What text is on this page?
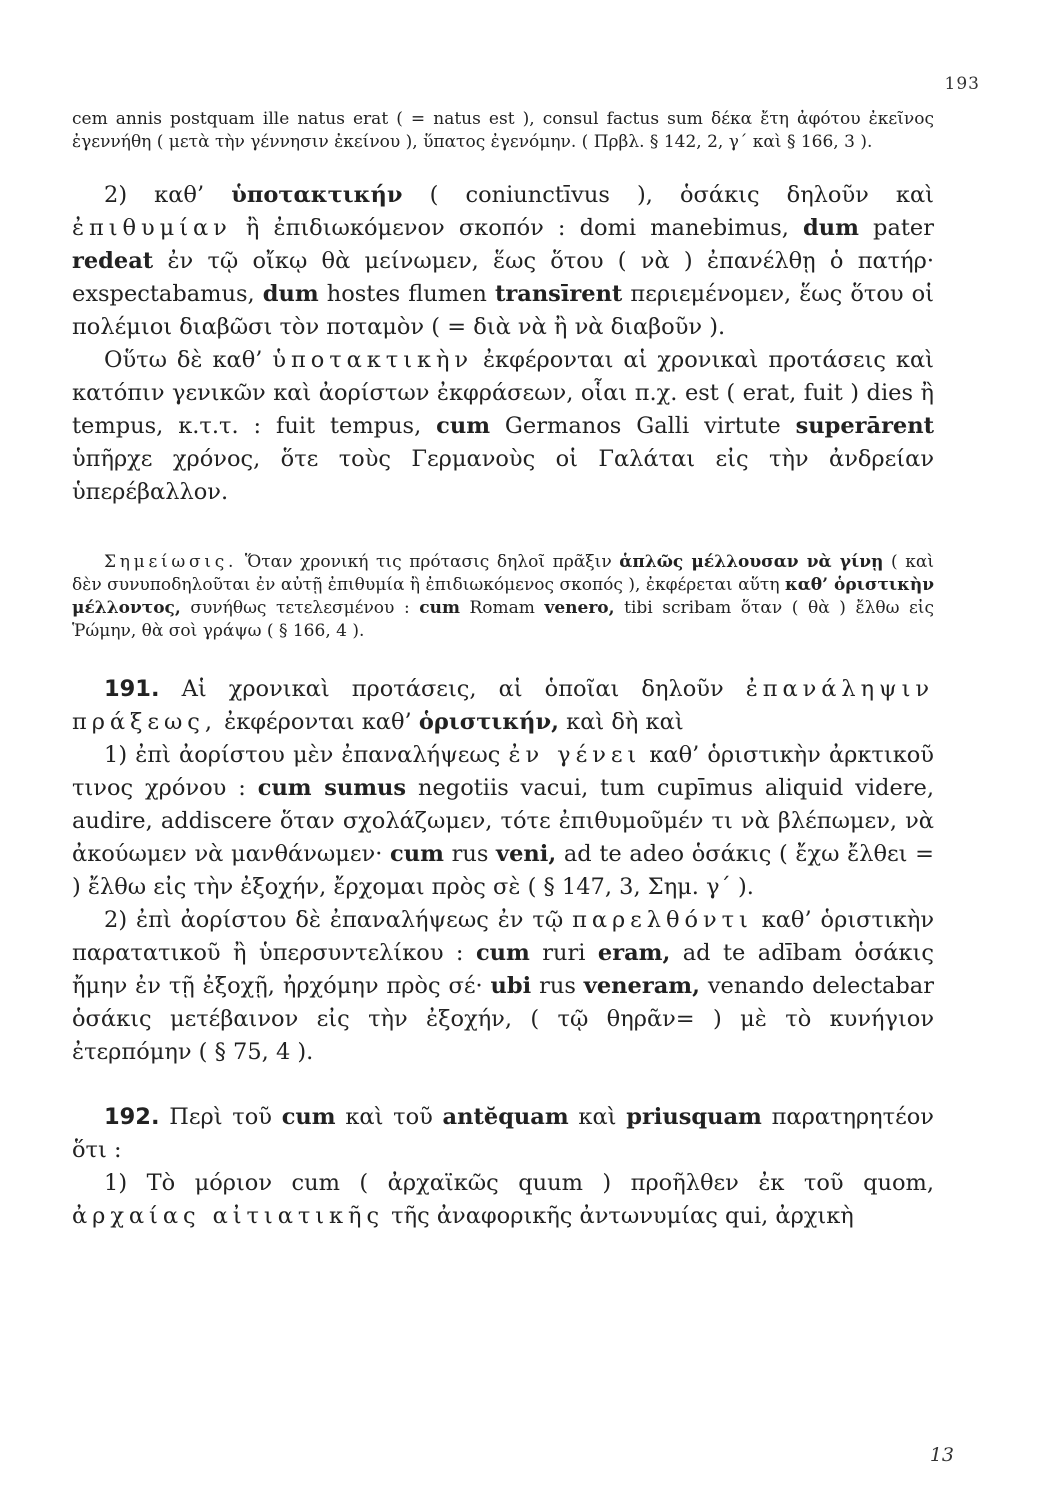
193

cem annis postquam ille natus erat ( = natus est ), consul factus sum δέκα ἔτη ἀφότου ἐκεῖνος ἐγεννήθη ( μετὰ τὴν γέννησιν ἐκείνου ), ὕπατος ἐγενόμην. ( Πρβλ. § 142, 2, γ΄ καὶ § 166, 3 ).

2) καθ’ ὑποτακτικήν ( coniunctīvus ), ὁσάκις δηλοῦν καὶ ἐπιθυμίαν ἢ ἐπιδιωκόμενον σκοπόν : domi manebimus, dum pater redeat ἐν τῷ οἴκῳ θὰ μείνωμεν, ἕως ὅτου ( νὰ ) ἐπανέλθῃ ὁ πατήρ· exspectabamus, dum hostes flumen transīrent περιεμένομεν, ἕως ὅτου οἱ πολέμιοι διαβῶσι τὸν ποταμὸν ( = διὰ νὰ ἢ νὰ διαβοῦν ).

Οὕτω δὲ καθ’ ὑποτακτικὴν ἐκφέρονται αἱ χρονικαὶ προτάσεις καὶ κατόπιν γενικῶν καὶ ἀορίστων ἐκφράσεων, οἷαι π.χ. est ( erat, fuit ) dies ἢ tempus, κ.τ.τ. : fuit tempus, cum Germanos Galli virtute superārent ὑπῆρχε χρόνος, ὅτε τοὺς Γερμανοὺς οἱ Γαλάται εἰς τὴν ἀνδρείαν ὑπερέβαλλον.

Σημείωσις. Ὅταν χρονική τις πρότασις δηλοῖ πρᾶξιν ἁπλῶς μέλλουσαν νὰ γίνῃ ( καὶ δὲν συνυποδηλοῦται ἐν αὐτῇ ἐπιθυμία ἢ ἐπιδιωκόμενος σκοπός ), ἐκφέρεται αὕτη καθ’ ὁριστικὴν μέλλοντος, συνήθως τετελεσμένου : cum Romam venero, tibi scribam ὅταν ( θὰ ) ἔλθω εἰς Ῥώμην, θὰ σοὶ γράψω ( § 166, 4 ).

191. Αἱ χρονικαὶ προτάσεις, αἱ ὁποῖαι δηλοῦν ἐπανάληψιν πράξεως, ἐκφέρονται καθ’ ὁριστικήν, καὶ δὴ καὶ

1) ἐπὶ ἀορίστου μὲν ἐπαναλήψεως ἐν γένει καθ’ ὁριστικὴν ἀρκτικοῦ τινος χρόνου : cum sumus negotiis vacui, tum cupīmus aliquid videre, audire, addiscere ὅταν σχολάζωμεν, τότε ἐπιθυμοῦμέν τι νὰ βλέπωμεν, νὰ ἀκούωμεν νὰ μανθάνωμεν· cum rus veni, ad te adeo ὁσάκις ( ἔχω ἔλθει = ) ἔλθω εἰς τὴν ἐξοχήν, ἔρχομαι πρὸς σὲ ( § 147, 3, Σημ. γ΄ ).

2) ἐπὶ ἀορίστου δὲ ἐπαναλήψεως ἐν τῷ παρελθόντι καθ’ ὁριστικὴν παρατατικοῦ ἢ ὑπερσυντελίκου : cum ruri eram, ad te adībam ὁσάκις ἤμην ἐν τῇ ἐξοχῇ, ἠρχόμην πρὸς σέ· ubi rus veneram, venando delectabar ὁσάκις μετέβαινον εἰς τὴν ἐξοχήν, ( τῷ θηρᾶν= ) μὲ τὸ κυνήγιον ἐτερπόμην ( § 75, 4 ).

192. Περὶ τοῦ cum καὶ τοῦ antĕquam καὶ priusquam παρατηρητέον ὅτι :

1) Τὸ μόριον cum ( ἀρχαϊκῶς quum ) προῆλθεν ἐκ τοῦ quom, ἀρχαίας αἰτιατικῆς τῆς ἀναφορικῆς ἀντωνυμίας qui, ἀρχικὴ

13
